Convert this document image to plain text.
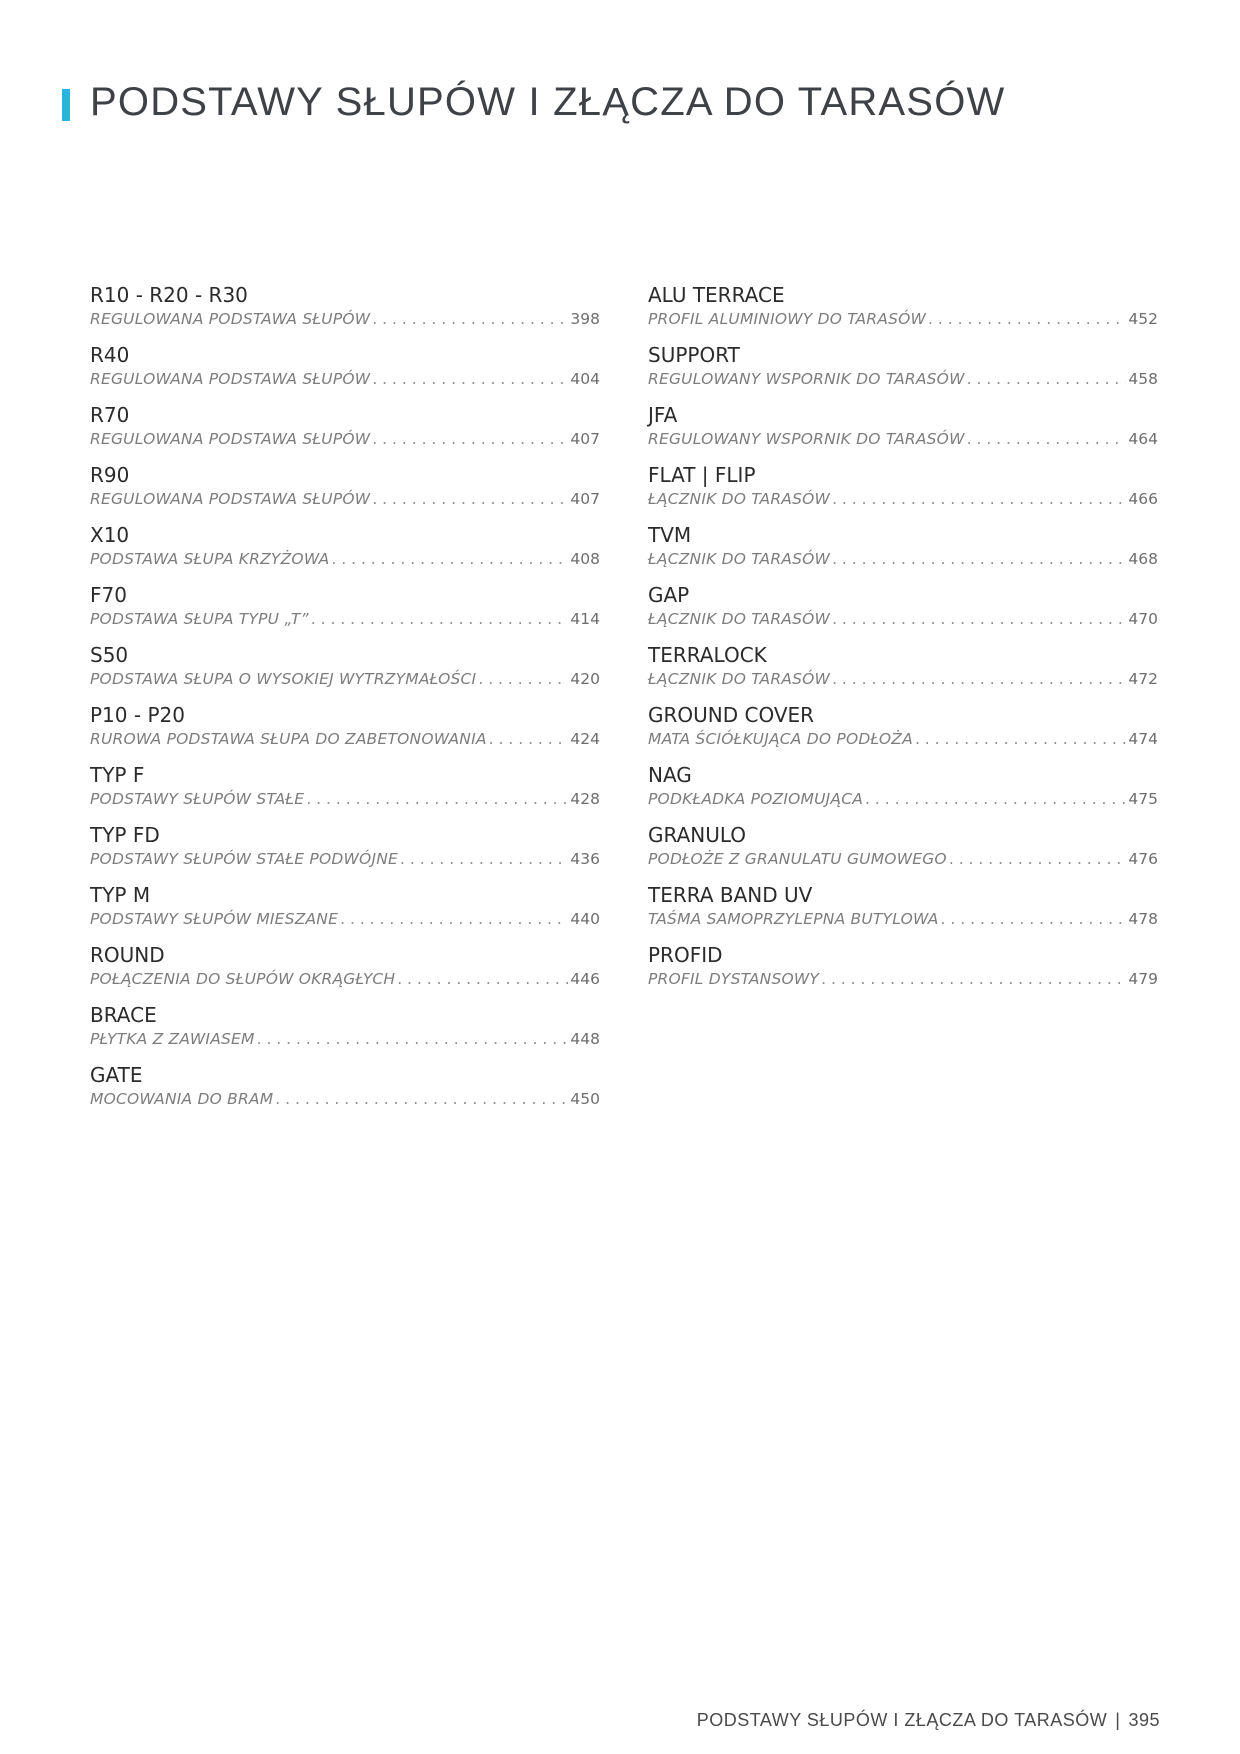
PODSTAWY SŁUPÓW I ZŁĄCZA DO TARASÓW
R10 - R20 - R30
REGULOWANA PODSTAWA SŁUPÓW . . .	398
R40
REGULOWANA PODSTAWA SŁUPÓW . . .	404
R70
REGULOWANA PODSTAWA SŁUPÓW . . .	407
R90
REGULOWANA PODSTAWA SŁUPÓW . . .	407
X10
PODSTAWA SŁUPA KRZYŻOWA . . .	408
F70
PODSTAWA SŁUPA TYPU „T” . . .	414
S50
PODSTAWA SŁUPA O WYSOKIEJ WYTRZYMAŁOŚCI . . .	420
P10 - P20
RUROWA PODSTAWA SŁUPA DO ZABETONOWANIA . . .	424
TYP F
PODSTAWY SŁUPÓW STAŁE . . .	428
TYP FD
PODSTAWY SŁUPÓW STAŁE PODWÓJNE . . .	436
TYP M
PODSTAWY SŁUPÓW MIESZANE . . .	440
ROUND
POŁĄCZENIA DO SŁUPÓW OKRĄGŁYCH . . .	446
BRACE
PŁYTKA Z ZAWIASEM . . .	448
GATE
MOCOWANIA DO BRAM . . .	450
ALU TERRACE
PROFIL ALUMINIOWY DO TARASÓW . . .	452
SUPPORT
REGULOWANY WSPORNIK DO TARASÓW . . .	458
JFA
REGULOWANY WSPORNIK DO TARASÓW . . .	464
FLAT | FLIP
ŁĄCZNIK DO TARASÓW . . .	466
TVM
ŁĄCZNIK DO TARASÓW . . .	468
GAP
ŁĄCZNIK DO TARASÓW . . .	470
TERRALOCK
ŁĄCZNIK DO TARASÓW . . .	472
GROUND COVER
MATA ŚCIÓŁKUJĄCA DO PODŁOŻA . . .	474
NAG
PODKŁADKA POZIOMUJĄCA . . .	475
GRANULO
PODŁOŻE Z GRANULATU GUMOWEGO . . .	476
TERRA BAND UV
TAŚMA SAMOPRZYLEPNA BUTYLOWA . . .	478
PROFID
PROFIL DYSTANSOWY . . .	479
PODSTAWY SŁUPÓW I ZŁĄCZA DO TARASÓW | 395
